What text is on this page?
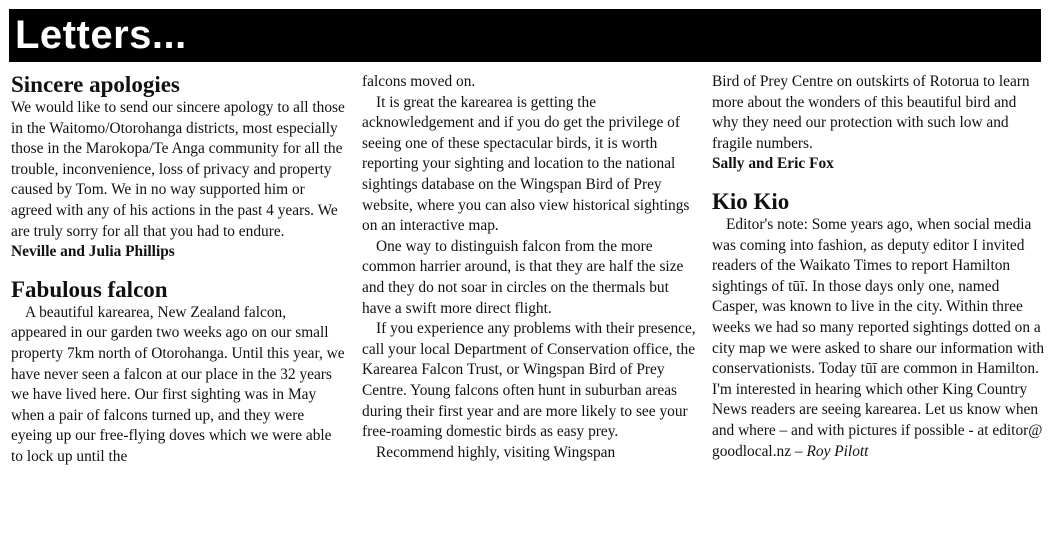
Letters...
Sincere apologies

We would like to send our sincere apology to all those in the Waitomo/Otorohanga districts, most especially those in the Marokopa/Te Anga community for all the trouble, inconvenience, loss of privacy and property caused by Tom. We in no way supported him or agreed with any of his actions in the past 4 years. We are truly sorry for all that you had to endure.

Neville and Julia Phillips

Fabulous falcon

A beautiful karearea, New Zealand falcon, appeared in our garden two weeks ago on our small property 7km north of Otorohanga. Until this year, we have never seen a falcon at our place in the 32 years we have lived here. Our first sighting was in May when a pair of falcons turned up, and they were eyeing up our free-flying doves which we were able to lock up until the

falcons moved on.

It is great the karearea is getting the acknowledgement and if you do get the privilege of seeing one of these spectacular birds, it is worth reporting your sighting and location to the national sightings database on the Wingspan Bird of Prey website, where you can also view historical sightings on an interactive map.

One way to distinguish falcon from the more common harrier around, is that they are half the size and they do not soar in circles on the thermals but have a swift more direct flight.

If you experience any problems with their presence, call your local Department of Conservation office, the Karearea Falcon Trust, or Wingspan Bird of Prey Centre. Young falcons often hunt in suburban areas during their first year and are more likely to see your free-roaming domestic birds as easy prey.

Recommend highly, visiting Wingspan

Bird of Prey Centre on outskirts of Rotorua to learn more about the wonders of this beautiful bird and why they need our protection with such low and fragile numbers.

Sally and Eric Fox

Kio Kio

Editor's note: Some years ago, when social media was coming into fashion, as deputy editor I invited readers of the Waikato Times to report Hamilton sightings of tūī. In those days only one, named Casper, was known to live in the city. Within three weeks we had so many reported sightings dotted on a city map we were asked to share our information with conservationists. Today tūī are common in Hamilton. I'm interested in hearing which other King Country News readers are seeing karearea. Let us know when and where – and with pictures if possible - at editor@ goodlocal.nz – Roy Pilott
